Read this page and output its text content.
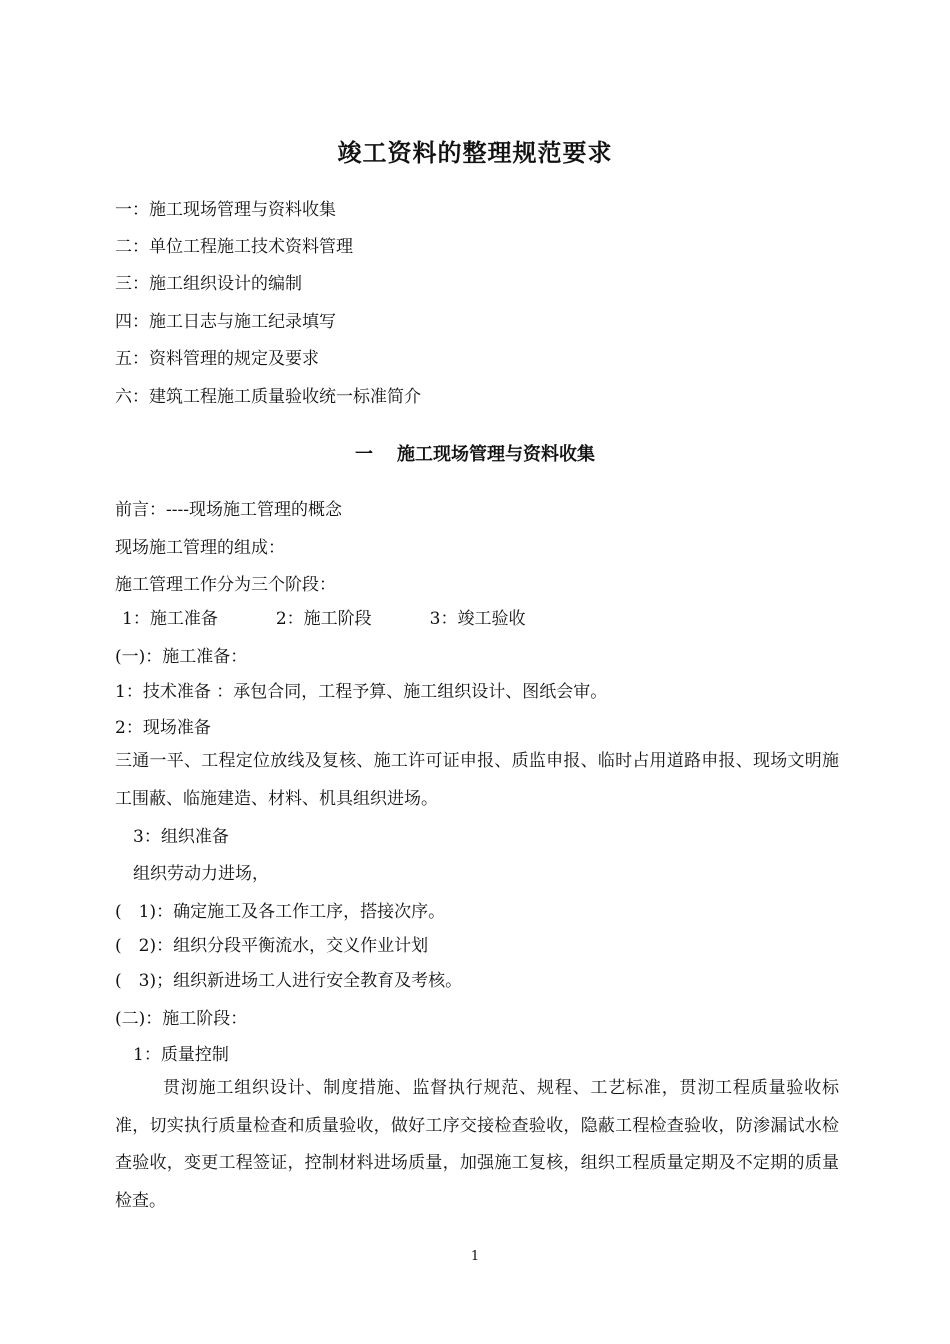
竣工资料的整理规范要求
一：施工现场管理与资料收集
二：单位工程施工技术资料管理
三：施工组织设计的编制
四：施工日志与施工纪录填写
五：资料管理的规定及要求
六：建筑工程施工质量验收统一标准简介
一 施工现场管理与资料收集
前言：----现场施工管理的概念
现场施工管理的组成：
施工管理工作分为三个阶段：
1：施工准备	2：施工阶段	3：竣工验收
(一)：施工准备：
1：技术准备 ：承包合同，工程予算、施工组织设计、图纸会审。
2：现场准备
三通一平、工程定位放线及复核、施工许可证申报、质监申报、临时占用道路申报、现场文明施工围蔽、临施建造、材料、机具组织进场。
3：组织准备
组织劳动力进场，
(　1)：确定施工及各工作工序，搭接次序。
(　2)：组织分段平衡流水，交义作业计划
(　3)；组织新进场工人进行安全教育及考核。
(二)：施工阶段：
1：质量控制
贯沏施工组织设计、制度措施、监督执行规范、规程、工艺标准，贯沏工程质量验收标准，切实执行质量检查和质量验收，做好工序交接检查验收，隐蔽工程检查验收，防渗漏试水检查验收，变更工程签证，控制材料进场质量，加强施工复核，组织工程质量定期及不定期的质量检查。
1
